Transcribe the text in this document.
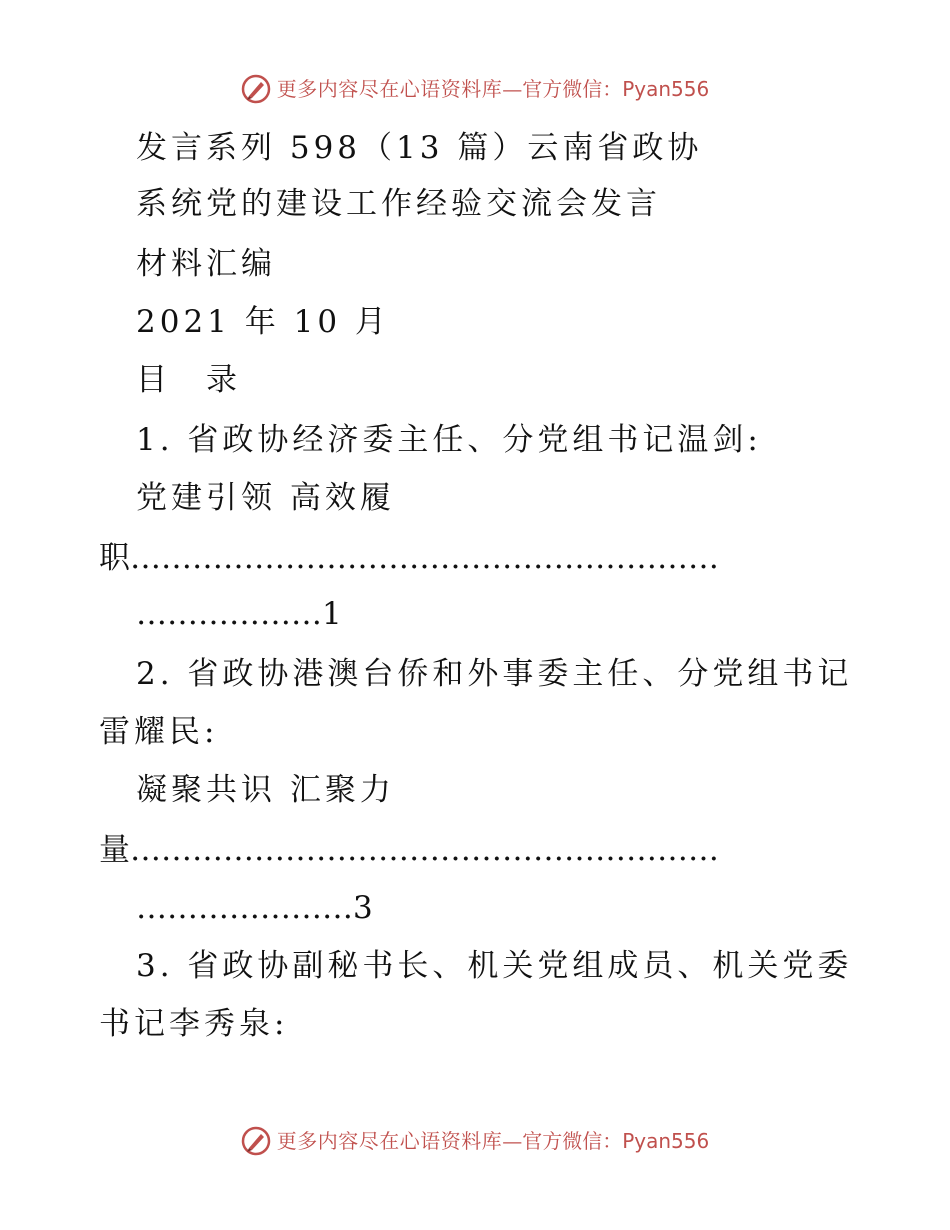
更多内容尽在心语资料库 — 官方微信：Pyan556
发言系列 598（13 篇）云南省政协
系统党的建设工作经验交流会发言
材料汇编
2021 年 10 月
目　录
1. 省政协经济委主任、分党组书记温剑:
党建引领 高效履
职…………………………………………………
………………1
2. 省政协港澳台侨和外事委主任、分党组书记
雷耀民:
凝聚共识 汇聚力
量…………………………………………………
…………………3
3. 省政协副秘书长、机关党组成员、机关党委
书记李秀泉:
更多内容尽在心语资料库 — 官方微信：Pyan556
